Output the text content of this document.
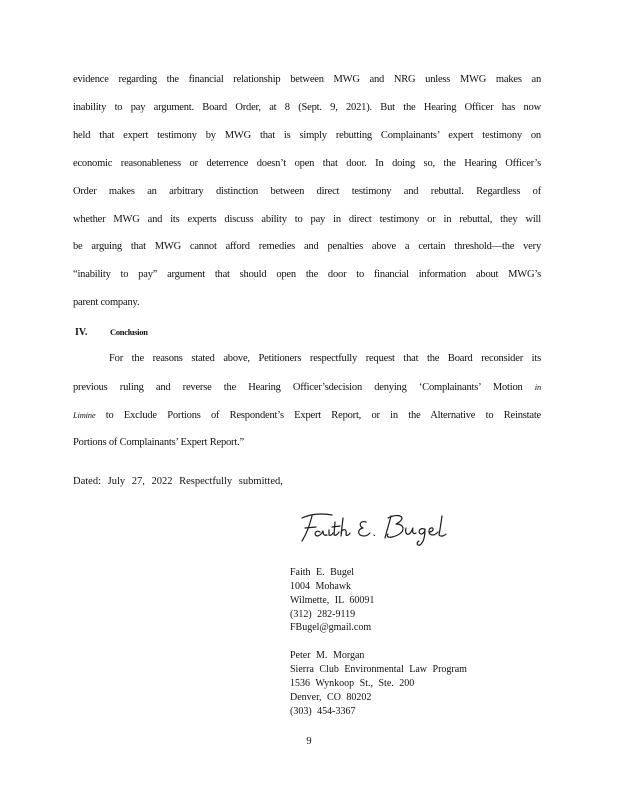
evidence regarding the financial relationship between MWG and NRG unless MWG makes an
inability to pay argument. Board Order, at 8 (Sept. 9, 2021). But the Hearing Officer has now
held that expert testimony by MWG that is simply rebutting Complainants’ expert testimony on
economic reasonableness or deterrence doesn’t open that door. In doing so, the Hearing Officer’s
Order makes an arbitrary distinction between direct testimony and rebuttal. Regardless of
whether MWG and its experts discuss ability to pay in direct testimony or in rebuttal, they will
be arguing that MWG cannot afford remedies and penalties above a certain threshold—the very
“inability to pay” argument that should open the door to financial information about MWG’s
parent company.
IV.	Conclusion
For the reasons stated above, Petitioners respectfully request that the Board reconsider its
previous ruling and reverse the Hearing Officer’sdecision denying ‘Complainants’ Motion in
Limine to Exclude Portions of Respondent’s Expert Report, or in the Alternative to Reinstate
Portions of Complainants’ Expert Report.”
Dated: July 27, 2022 Respectfully submitted,
Faith E. Bugel
1004 Mohawk
Wilmette, IL 60091
(312) 282-9119
FBugel@gmail.com
Peter M. Morgan
Sierra Club Environmental Law Program
1536 Wynkoop St., Ste. 200
Denver, CO 80202
(303) 454-3367
9
